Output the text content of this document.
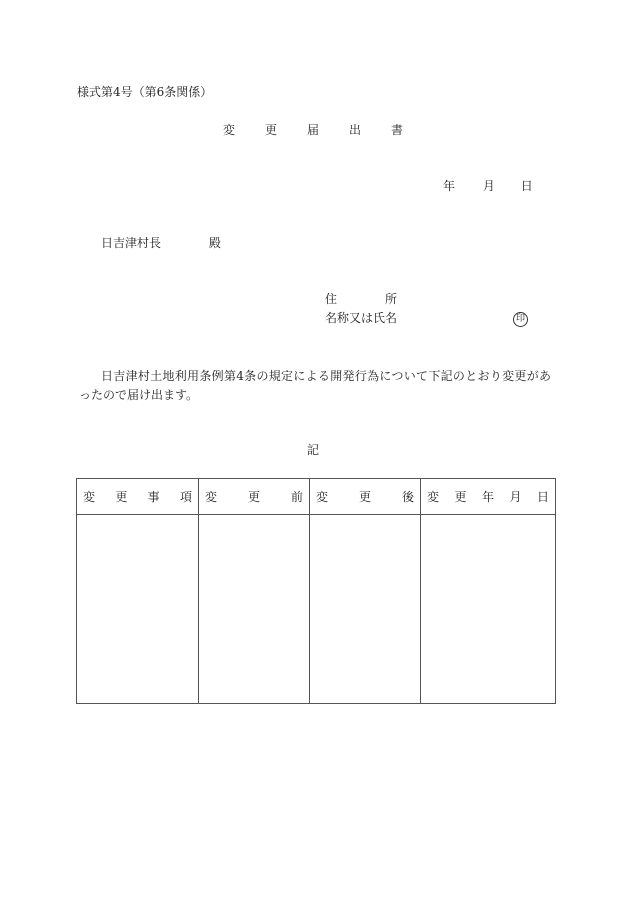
様式第4号（第6条関係）
変 更 届 出 書
年 月 日
日吉津村長	殿
住 所
名称又は氏名	印
日吉津村土地利用条例第4条の規定による開発行為について下記のとおり変更があったので届け出ます。
記
変 更 事 項	変 更 前	変 更 後	変 更 年 月 日
